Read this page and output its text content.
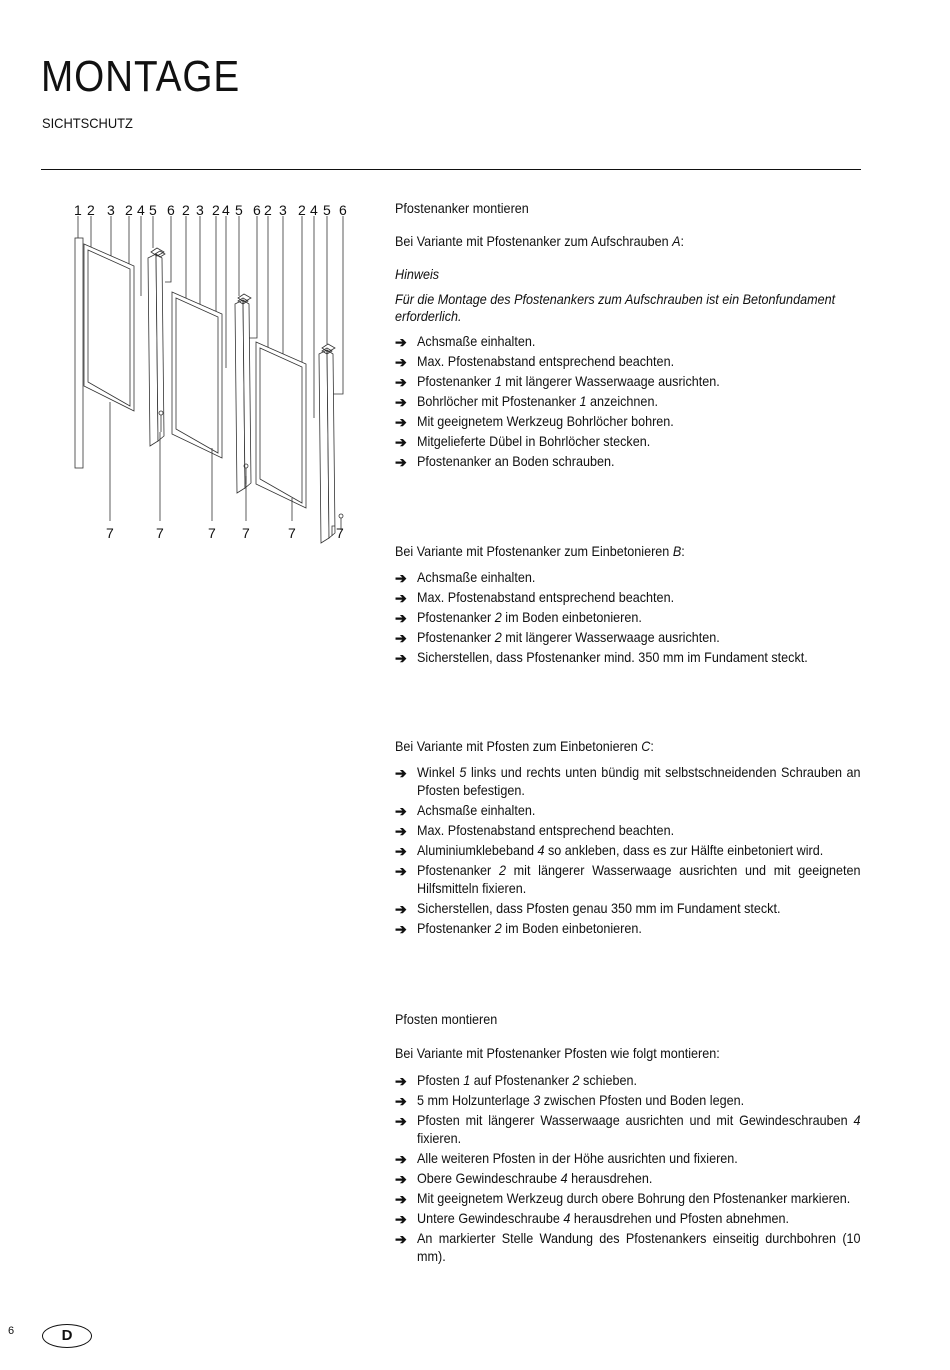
MONTAGE
SICHTSCHUTZ
1 2 3 2 4 5 6 2 3 2 4 5 6 2 3 2 4 5 6
7	7	7 7	7	7
Pfostenanker montieren
Bei Variante mit Pfostenanker zum Aufschrauben A:
Hinweis
Für die Montage des Pfostenankers zum Aufschrauben ist ein Betonfundament erforderlich.
➔ Achsmaße einhalten.
➔ Max. Pfostenabstand entsprechend beachten.
➔ Pfostenanker 1 mit längerer Wasserwaage ausrichten.
➔ Bohrlöcher mit Pfostenanker 1 anzeichnen.
➔ Mit geeignetem Werkzeug Bohrlöcher bohren.
➔ Mitgelieferte Dübel in Bohrlöcher stecken.
➔ Pfostenanker an Boden schrauben.
Bei Variante mit Pfostenanker zum Einbetonieren B:
➔ Achsmaße einhalten.
➔ Max. Pfostenabstand entsprechend beachten.
➔ Pfostenanker 2 im Boden einbetonieren.
➔ Pfostenanker 2 mit längerer Wasserwaage ausrichten.
➔ Sicherstellen, dass Pfostenanker mind. 350 mm im Fundament steckt.
Bei Variante mit Pfosten zum Einbetonieren C:
➔ Winkel 5 links und rechts unten bündig mit selbstschneidenden Schrauben an Pfosten befestigen.
➔ Achsmaße einhalten.
➔ Max. Pfostenabstand entsprechend beachten.
➔ Aluminiumklebeband 4 so ankleben, dass es zur Hälfte einbetoniert wird.
➔ Pfostenanker 2 mit längerer Wasserwaage ausrichten und mit geeigneten Hilfsmitteln fixieren.
➔ Sicherstellen, dass Pfosten genau 350 mm im Fundament steckt.
➔ Pfostenanker 2 im Boden einbetonieren.
Pfosten montieren
Bei Variante mit Pfostenanker Pfosten wie folgt montieren:
➔ Pfosten 1 auf Pfostenanker 2 schieben.
➔ 5 mm Holzunterlage 3 zwischen Pfosten und Boden legen.
➔ Pfosten mit längerer Wasserwaage ausrichten und mit Gewindeschrauben 4 fixieren.
➔ Alle weiteren Pfosten in der Höhe ausrichten und fixieren.
➔ Obere Gewindeschraube 4 herausdrehen.
➔ Mit geeignetem Werkzeug durch obere Bohrung den Pfostenanker markieren.
➔ Untere Gewindeschraube 4 herausdrehen und Pfosten abnehmen.
➔ An markierter Stelle Wandung des Pfostenankers einseitig durchbohren (10 mm).
6	D
